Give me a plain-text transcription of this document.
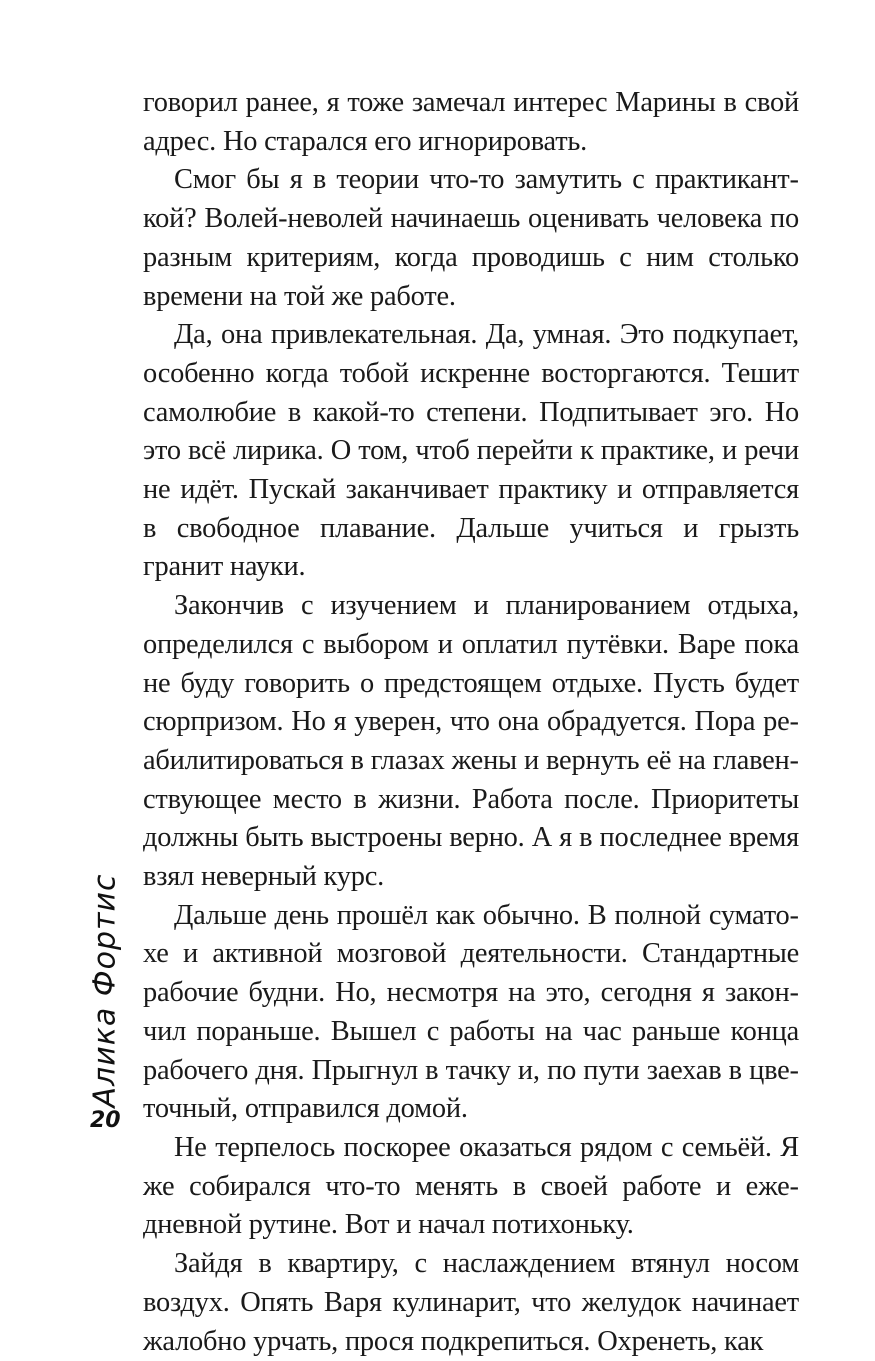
говорил ранее, я тоже замечал интерес Марины в свой адрес. Но старался его игнорировать.

Смог бы я в теории что-то замутить с практиканткой? Волей-неволей начинаешь оценивать человека по разным критериям, когда проводишь с ним столько времени на той же работе.

Да, она привлекательная. Да, умная. Это подкупает, особенно когда тобой искренне восторгаются. Тешит самолюбие в какой-то степени. Подпитывает эго. Но это всё лирика. О том, чтоб перейти к практике, и речи не идёт. Пускай заканчивает практику и отправляется в свободное плавание. Дальше учиться и грызть гранит науки.

Закончив с изучением и планированием отдыха, определился с выбором и оплатил путёвки. Варе пока не буду говорить о предстоящем отдыхе. Пусть будет сюрпризом. Но я уверен, что она обрадуется. Пора реабилитироваться в глазах жены и вернуть её на главенствующее место в жизни. Работа после. Приоритеты должны быть выстроены верно. А я в последнее время взял неверный курс.

Дальше день прошёл как обычно. В полной суматохе и активной мозговой деятельности. Стандартные рабочие будни. Но, несмотря на это, сегодня я закончил пораньше. Вышел с работы на час раньше конца рабочего дня. Прыгнул в тачку и, по пути заехав в цветочный, отправился домой.

Не терпелось поскорее оказаться рядом с семьёй. Я же собирался что-то менять в своей работе и ежедневной рутине. Вот и начал потихоньку.

Зайдя в квартиру, с наслаждением втянул носом воздух. Опять Варя кулинарит, что желудок начинает жалобно урчать, прося подкрепиться. Охренеть, как

Алика Фортис
20
